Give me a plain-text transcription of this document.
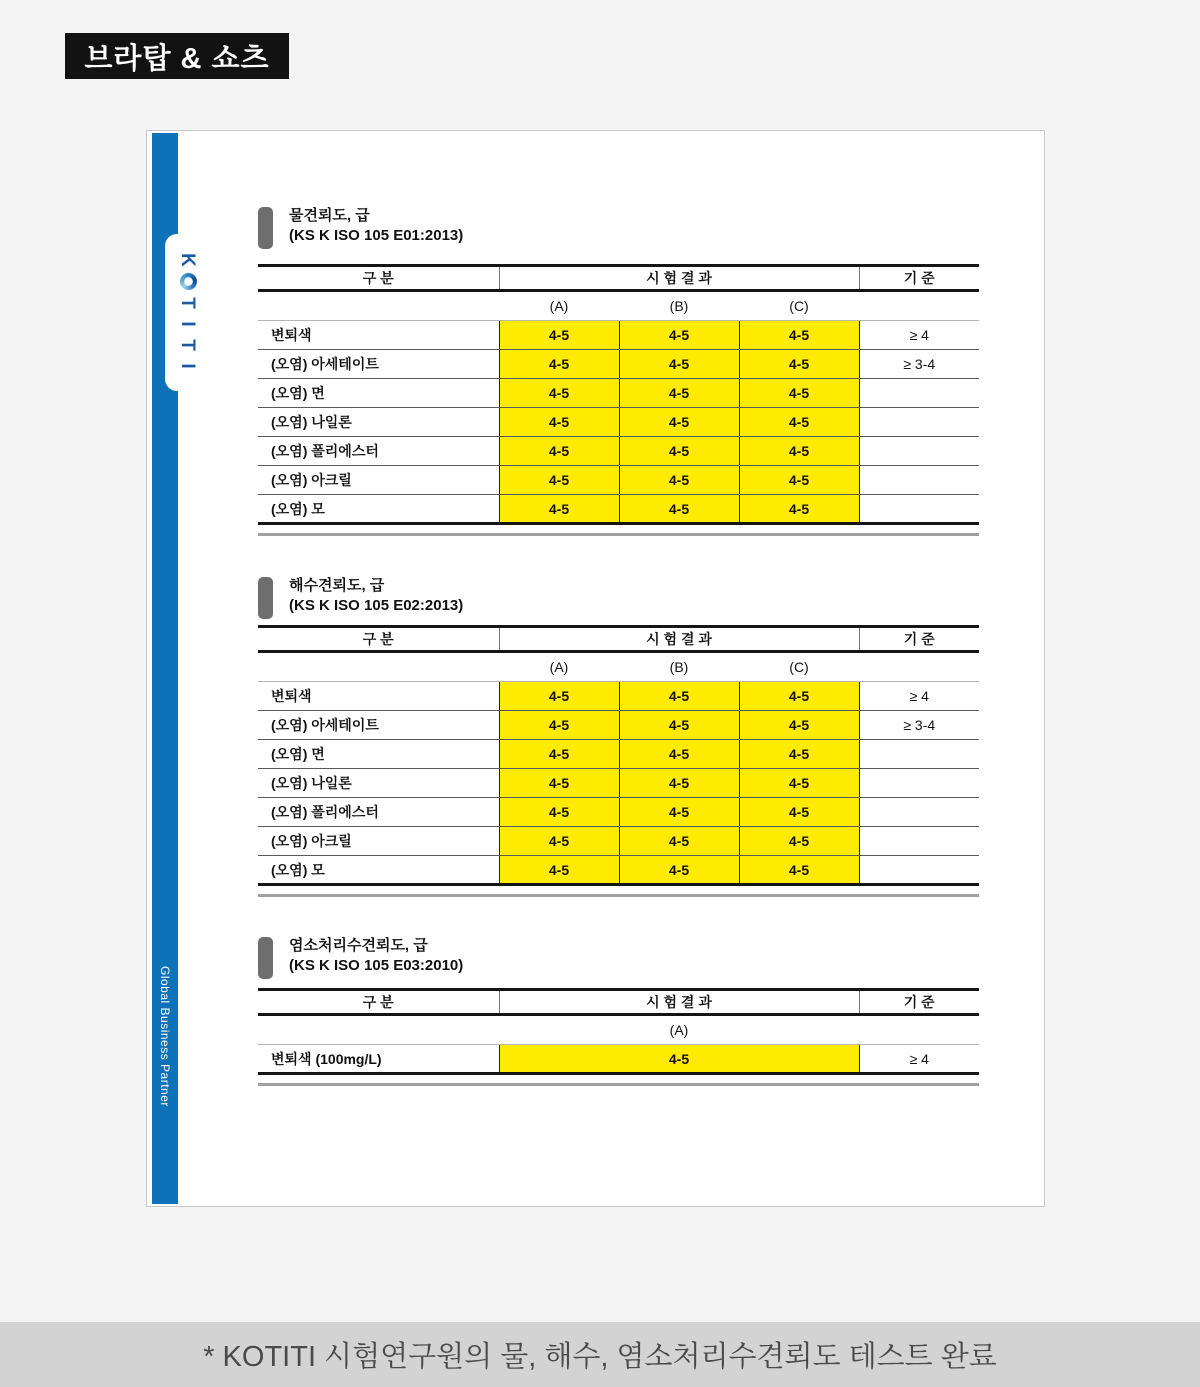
브라탑 & 쇼츠
K
T
I
T
I
Global Business Partner
물견뢰도, 급
(KS K ISO 105 E01:2013)
구 분	시 험 결 과			기 준
	(A)	(B)	(C)	
변퇴색	4-5	4-5	4-5	≥ 4
(오염) 아세테이트	4-5	4-5	4-5	≥ 3-4
(오염) 면	4-5	4-5	4-5	
(오염) 나일론	4-5	4-5	4-5	
(오염) 폴리에스터	4-5	4-5	4-5	
(오염) 아크릴	4-5	4-5	4-5	
(오염) 모	4-5	4-5	4-5	
해수견뢰도, 급
(KS K ISO 105 E02:2013)
구 분	시 험 결 과			기 준
	(A)	(B)	(C)	
변퇴색	4-5	4-5	4-5	≥ 4
(오염) 아세테이트	4-5	4-5	4-5	≥ 3-4
(오염) 면	4-5	4-5	4-5	
(오염) 나일론	4-5	4-5	4-5	
(오염) 폴리에스터	4-5	4-5	4-5	
(오염) 아크릴	4-5	4-5	4-5	
(오염) 모	4-5	4-5	4-5	
염소처리수견뢰도, 급
(KS K ISO 105 E03:2010)
구 분	시 험 결 과	기 준
	(A)	
변퇴색 (100mg/L)	4-5	≥ 4
* KOTITI 시험연구원의 물, 해수, 염소처리수견뢰도 테스트 완료
